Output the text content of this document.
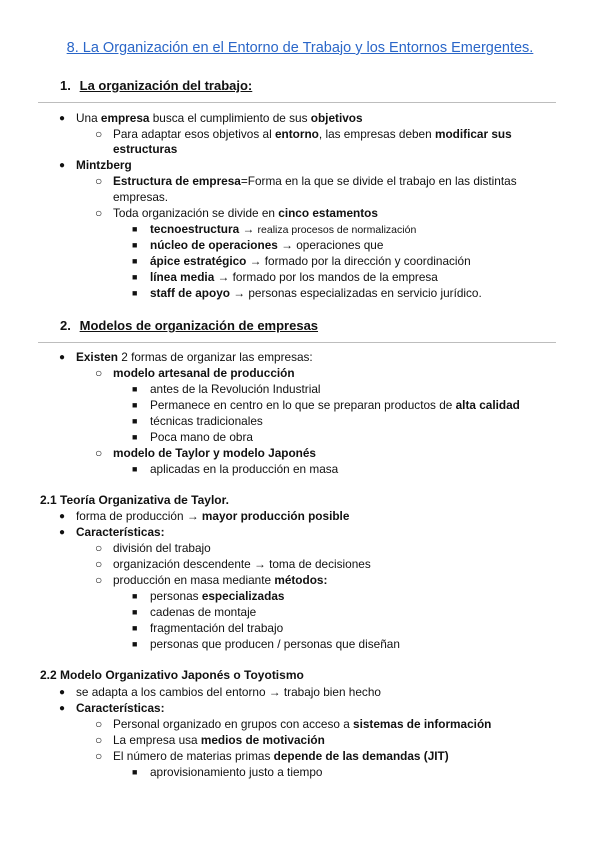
8. La Organización en el Entorno de Trabajo y los Entornos Emergentes.
1. La organización del trabajo:
2. Modelos de organización de empresas
2.1 Teoría Organizativa de Taylor.
2.2 Modelo Organizativo Japonés o Toyotismo
● Una empresa busca el cumplimiento de sus objetivos
○ Para adaptar esos objetivos al entorno, las empresas deben modificar sus
estructuras
● Mintzberg
○ Estructura de empresa=Forma en la que se divide el trabajo en las distintas
empresas.
○ Toda organización se divide en cinco estamentos
■ tecnoestructura → realiza procesos de normalización
■ núcleo de operaciones → operaciones que
■ ápice estratégico → formado por la dirección y coordinación
■ línea media → formado por los mandos de la empresa
■ staff de apoyo → personas especializadas en servicio jurídico.
● Existen 2 formas de organizar las empresas:
○ modelo artesanal de producción
■ antes de la Revolución Industrial
■ Permanece en centro en lo que se preparan productos de alta calidad
■ técnicas tradicionales
■ Poca mano de obra
○ modelo de Taylor y modelo Japonés
■ aplicadas en la producción en masa
● forma de producción → mayor producción posible
● Características:
○ división del trabajo
○ organización descendente → toma de decisiones
○ producción en masa mediante métodos:
■ personas especializadas
■ cadenas de montaje
■ fragmentación del trabajo
■ personas que producen / personas que diseñan
● se adapta a los cambios del entorno → trabajo bien hecho
● Características:
○ Personal organizado en grupos con acceso a sistemas de información
○ La empresa usa medios de motivación
○ El número de materias primas depende de las demandas (JIT)
■ aprovisionamiento justo a tiempo
